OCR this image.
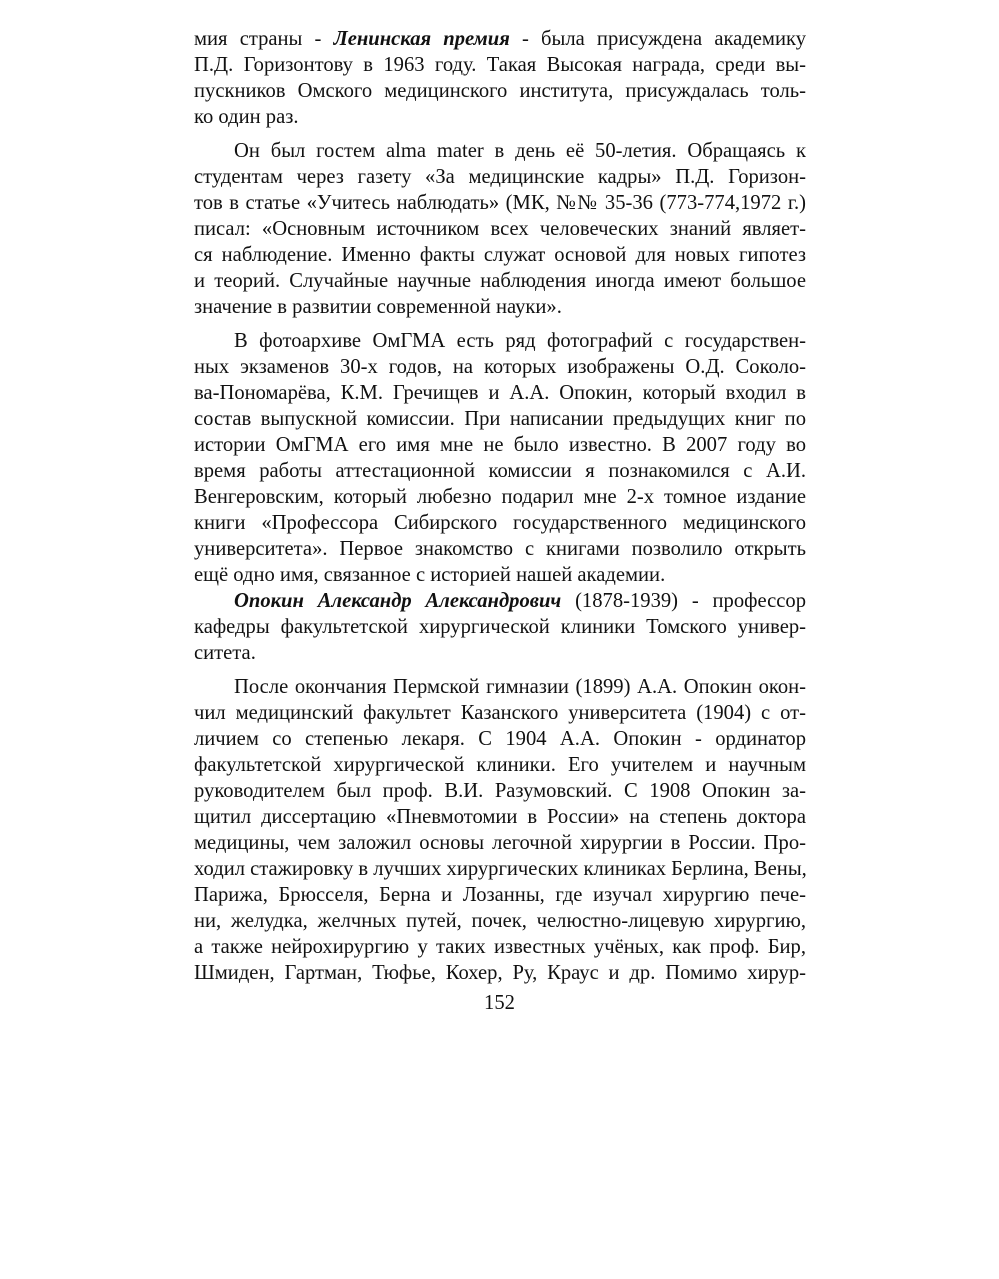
мия страны - Ленинская премия - была присуждена академику
П.Д. Горизонтову в 1963 году. Такая Высокая награда, среди вы-
пускников Омского медицинского института, присуждалась толь-
ко один раз.
Он был гостем alma mater в день её 50-летия. Обращаясь к
студентам через газету «За медицинские кадры» П.Д. Горизон-
тов в статье «Учитесь наблюдать» (МК, №№ 35-36 (773-774,1972 г.)
писал: «Основным источником всех человеческих знаний являет-
ся наблюдение. Именно факты служат основой для новых гипотез
и теорий. Случайные научные наблюдения иногда имеют большое
значение в развитии современной науки».
В фотоархиве ОмГМА есть ряд фотографий с государствен-
ных экзаменов 30-х годов, на которых изображены О.Д. Соколо-
ва-Пономарёва, К.М. Гречищев и А.А. Опокин, который входил в
состав выпускной комиссии. При написании предыдущих книг по
истории ОмГМА его имя мне не было известно. В 2007 году во
время работы аттестационной комиссии я познакомился с А.И.
Венгеровским, который любезно подарил мне 2-х томное издание
книги «Профессора Сибирского государственного медицинского
университета». Первое знакомство с книгами позволило открыть
ещё одно имя, связанное с историей нашей академии.
Опокин Александр Александрович (1878-1939) - профессор
кафедры факультетской хирургической клиники Томского универ-
ситета.
После окончания Пермской гимназии (1899) А.А. Опокин окон-
чил медицинский факультет Казанского университета (1904) с от-
личием со степенью лекаря. С 1904 А.А. Опокин - ординатор
факультетской хирургической клиники. Его учителем и научным
руководителем был проф. В.И. Разумовский. С 1908 Опокин за-
щитил диссертацию «Пневмотомии в России» на степень доктора
медицины, чем заложил основы легочной хирургии в России. Про-
ходил стажировку в лучших хирургических клиниках Берлина, Вены,
Парижа, Брюсселя, Берна и Лозанны, где изучал хирургию пече-
ни, желудка, желчных путей, почек, челюстно-лицевую хирургию,
а также нейрохирургию у таких известных учёных, как проф. Бир,
Шмиден, Гартман, Тюфье, Кохер, Ру, Краус и др. Помимо хирур-
152
